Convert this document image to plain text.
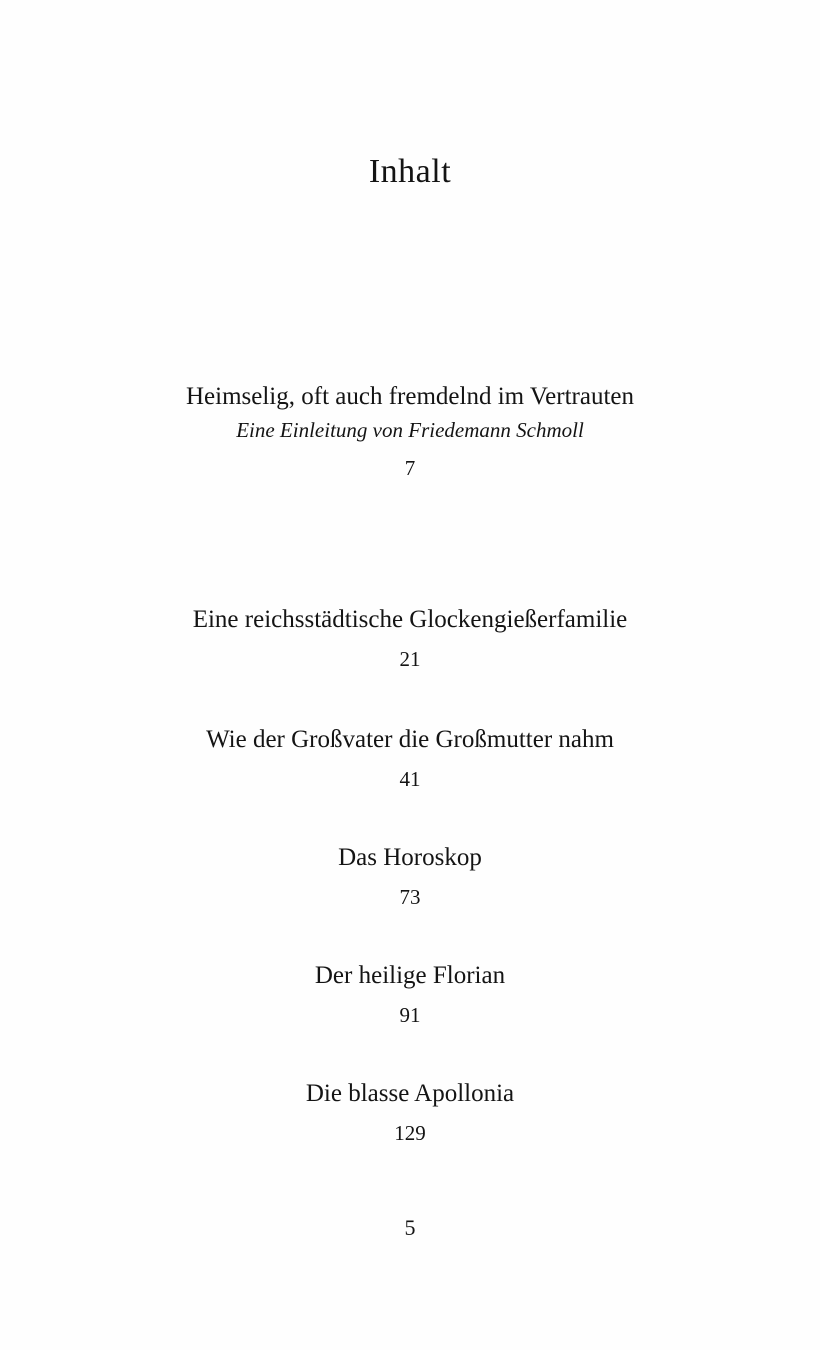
Inhalt
Heimselig, oft auch fremdelnd im Vertrauten
Eine Einleitung von Friedemann Schmoll
7
Eine reichsstädtische Glockengießerfamilie
21
Wie der Großvater die Großmutter nahm
41
Das Horoskop
73
Der heilige Florian
91
Die blasse Apollonia
129
5
